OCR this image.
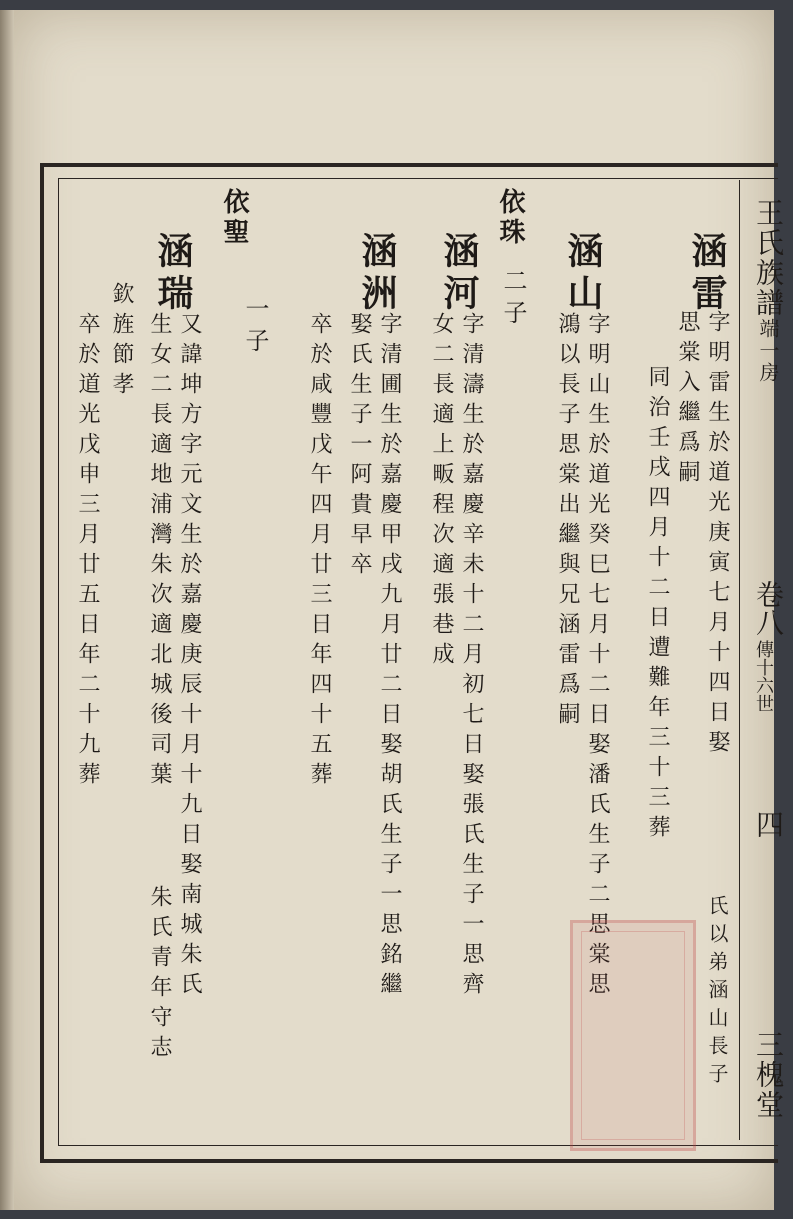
王氏族譜端一房
卷八
傳十六世
四
三槐堂
涵雷
字明雷生於道光庚寅七月十四日娶
氏以弟涵山長子
思棠入繼爲嗣
同治壬戌四月十二日遭難年三十三葬
涵山
字明山生於道光癸巳七月十二日娶潘氏生子二思棠思
鴻以長子思棠出繼與兄涵雷爲嗣
依珠
二子
涵河
字清濤生於嘉慶辛未十二月初七日娶張氏生子一思齊
女二長適上畈程次適張巷成
涵洲
字清圃生於嘉慶甲戌九月廿二日娶胡氏生子一思銘繼
娶氏生子一阿貴早卒
卒於咸豐戊午四月廿三日年四十五葬
依聖
一子
涵瑞
又諱坤方字元文生於嘉慶庚辰十月十九日娶南城朱氏
生女二長適地浦灣朱次適北城後司葉
朱氏青年守志
欽旌節孝
卒於道光戊申三月廿五日年二十九葬
